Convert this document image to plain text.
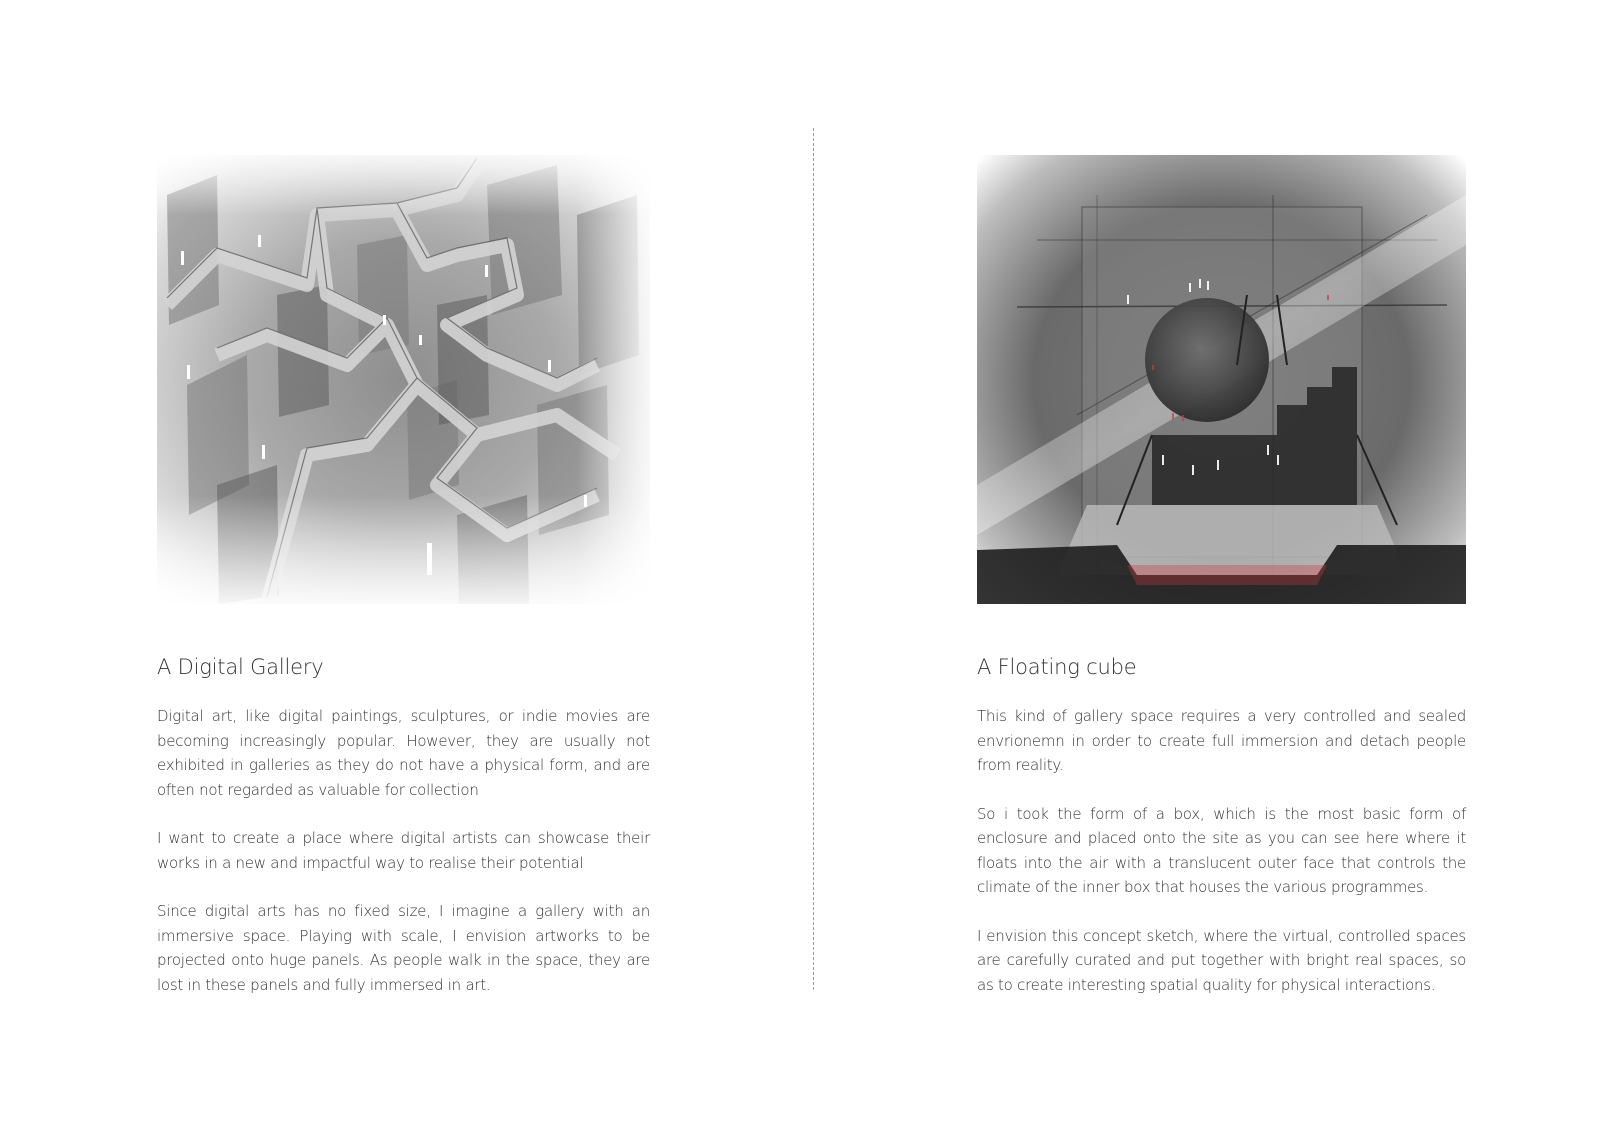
A Digital Gallery

Digital art, like digital paintings, sculptures, or indie movies are becoming increasingly popular. However, they are usually not exhibited in galleries as they do not have a physical form, and are often not regarded as valuable for collection

I want to create a place where digital artists can showcase their works in a new and impactful way to realise their potential

Since digital arts has no fixed size, I imagine a gallery with an immersive space. Playing with scale, I envision artworks to be projected onto huge panels. As people walk in the space, they are lost in these panels and fully immersed in art.

A Floating cube

This kind of gallery space requires a very controlled and sealed envrionemn in order to create full immersion and detach people from reality.

So i took the form of a box, which is the most basic form of enclosure and placed onto the site as you can see here where it floats into the air with a translucent outer face that controls the climate of the inner box that houses the various programmes.

I envision this concept sketch, where the virtual, controlled spaces are carefully curated and put together with bright real spaces, so as to create interesting spatial quality for physical interactions.
